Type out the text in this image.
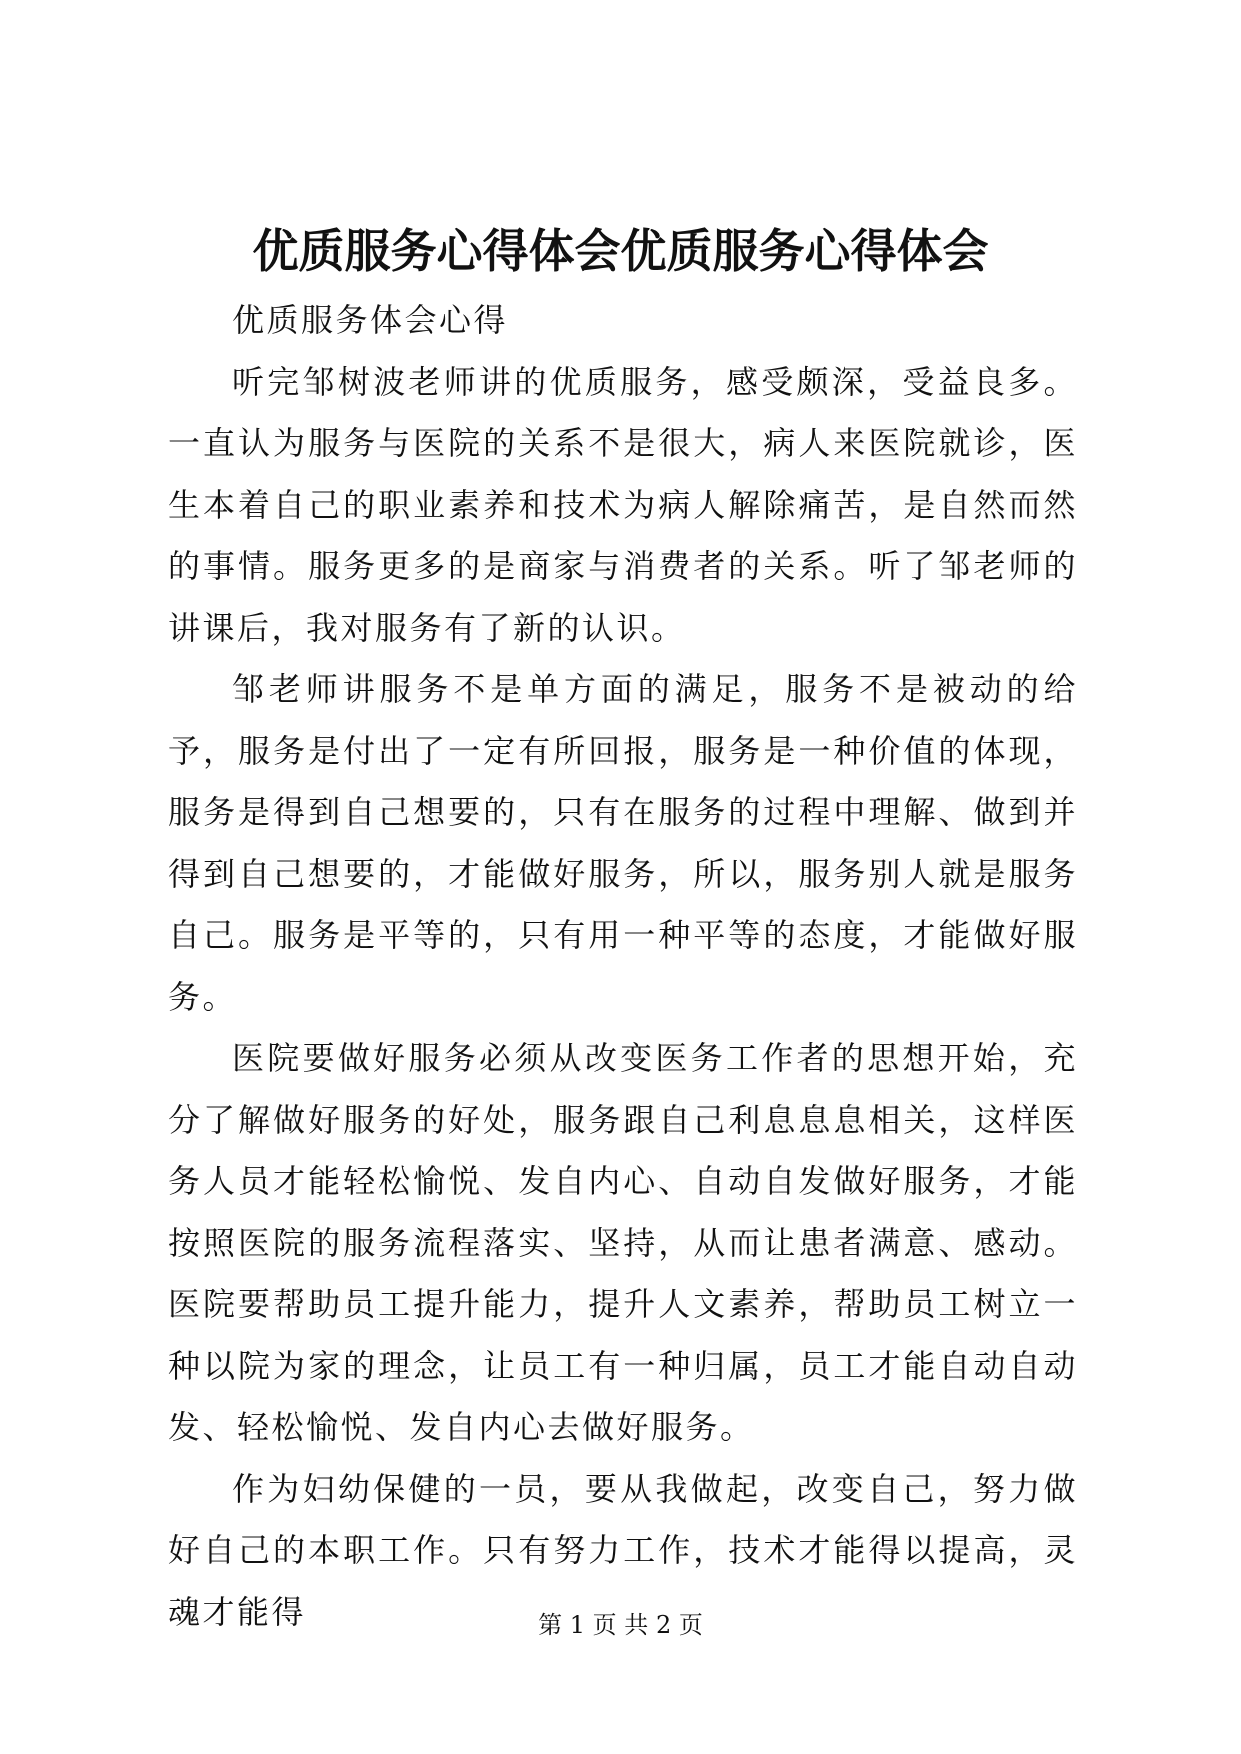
优质服务心得体会优质服务心得体会

优质服务体会心得

听完邹树波老师讲的优质服务，感受颇深，受益良多。一直认为服务与医院的关系不是很大，病人来医院就诊，医生本着自己的职业素养和技术为病人解除痛苦，是自然而然的事情。服务更多的是商家与消费者的关系。听了邹老师的讲课后，我对服务有了新的认识。

邹老师讲服务不是单方面的满足，服务不是被动的给予，服务是付出了一定有所回报，服务是一种价值的体现，服务是得到自己想要的，只有在服务的过程中理解、做到并得到自己想要的，才能做好服务，所以，服务别人就是服务自己。服务是平等的，只有用一种平等的态度，才能做好服务。

医院要做好服务必须从改变医务工作者的思想开始，充分了解做好服务的好处，服务跟自己利息息息相关，这样医务人员才能轻松愉悦、发自内心、自动自发做好服务，才能按照医院的服务流程落实、坚持，从而让患者满意、感动。医院要帮助员工提升能力，提升人文素养，帮助员工树立一种以院为家的理念，让员工有一种归属，员工才能自动自动发、轻松愉悦、发自内心去做好服务。

作为妇幼保健的一员，要从我做起，改变自己，努力做好自己的本职工作。只有努力工作，技术才能得以提高，灵魂才能得	第 1 页 共 2 页
